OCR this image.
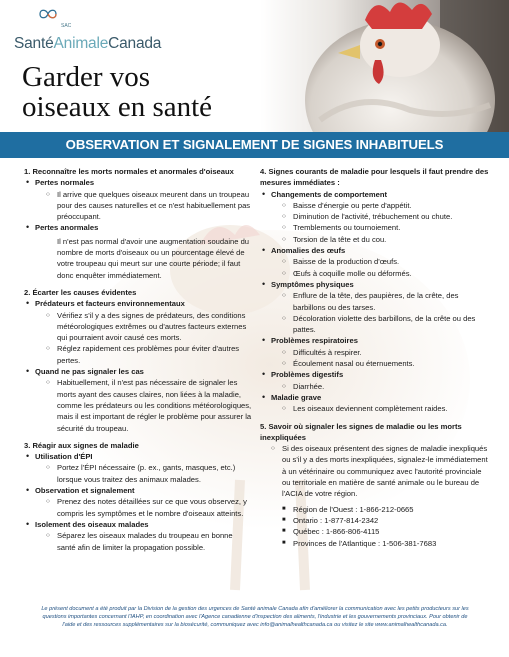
SAC
SantéAnimaleCanada
Garder vos
oiseaux en santé
OBSERVATION ET SIGNALEMENT DE SIGNES INHABITUELS

1. Reconnaître les morts normales et anormales d'oiseaux

• Pertes normales
○ Il arrive que quelques oiseaux meurent dans un troupeau pour des causes naturelles et ce n'est habituellement pas préoccupant.
• Pertes anormales
Il n'est pas normal d'avoir une augmentation soudaine du nombre de morts d'oiseaux ou un pourcentage élevé de votre troupeau qui meurt sur une courte période; il faut donc enquêter immédiatement.

2. Écarter les causes évidentes

• Prédateurs et facteurs environnementaux
○ Vérifiez s'il y a des signes de prédateurs, des conditions météorologiques extrêmes ou d'autres facteurs externes qui pourraient avoir causé ces morts.
○ Réglez rapidement ces problèmes pour éviter d'autres pertes.
• Quand ne pas signaler les cas
○ Habituellement, il n'est pas nécessaire de signaler les morts ayant des causes claires, non liées à la maladie, comme les prédateurs ou les conditions météorologiques, mais il est important de régler le problème pour assurer la sécurité du troupeau.

3. Réagir aux signes de maladie

• Utilisation d'ÉPI
○ Portez l'ÉPI nécessaire (p. ex., gants, masques, etc.) lorsque vous traitez des animaux malades.
• Observation et signalement
○ Prenez des notes détaillées sur ce que vous observez, y compris les symptômes et le nombre d'oiseaux atteints.
• Isolement des oiseaux malades
○ Séparez les oiseaux malades du troupeau en bonne santé afin de limiter la propagation possible.

4. Signes courants de maladie pour lesquels il faut prendre des mesures immédiates :

• Changements de comportement
○ Baisse d'énergie ou perte d'appétit.
○ Diminution de l'activité, trébuchement ou chute.
○ Tremblements ou tournoiement.
○ Torsion de la tête et du cou.
• Anomalies des œufs
○ Baisse de la production d'œufs.
○ Œufs à coquille molle ou déformés.
• Symptômes physiques
○ Enflure de la tête, des paupières, de la crête, des barbillons ou des tarses.
○ Décoloration violette des barbillons, de la crête ou des pattes.
• Problèmes respiratoires
○ Difficultés à respirer.
○ Écoulement nasal ou éternuements.
• Problèmes digestifs
○ Diarrhée.
• Maladie grave
○ Les oiseaux deviennent complètement raides.

5. Savoir où signaler les signes de maladie ou les morts inexpliquées

○ Si des oiseaux présentent des signes de maladie inexpliqués ou s'il y a des morts inexpliquées, signalez-le immédiatement à un vétérinaire ou communiquez avec l'autorité provinciale ou territoriale en matière de santé animale ou le bureau de l'ACIA de votre région.
■ Région de l'Ouest : 1-866-212-0665
■ Ontario : 1-877-814-2342
■ Québec : 1-866-806-4115
■ Provinces de l'Atlantique : 1-506-381-7683
Le présent document a été produit par la Division de la gestion des urgences de Santé animale Canada afin d'améliorer la communication avec les petits producteurs sur les questions importantes concernant l'IAHP, en coordination avec l'Agence canadienne d'inspection des aliments, l'industrie et les gouvernements provinciaux. Pour obtenir de l'aide et des ressources supplémentaires sur la biosécurité, communiquez avec info@animalhealthcanada.ca ou visitez le site www.animalhealthcanada.ca.
